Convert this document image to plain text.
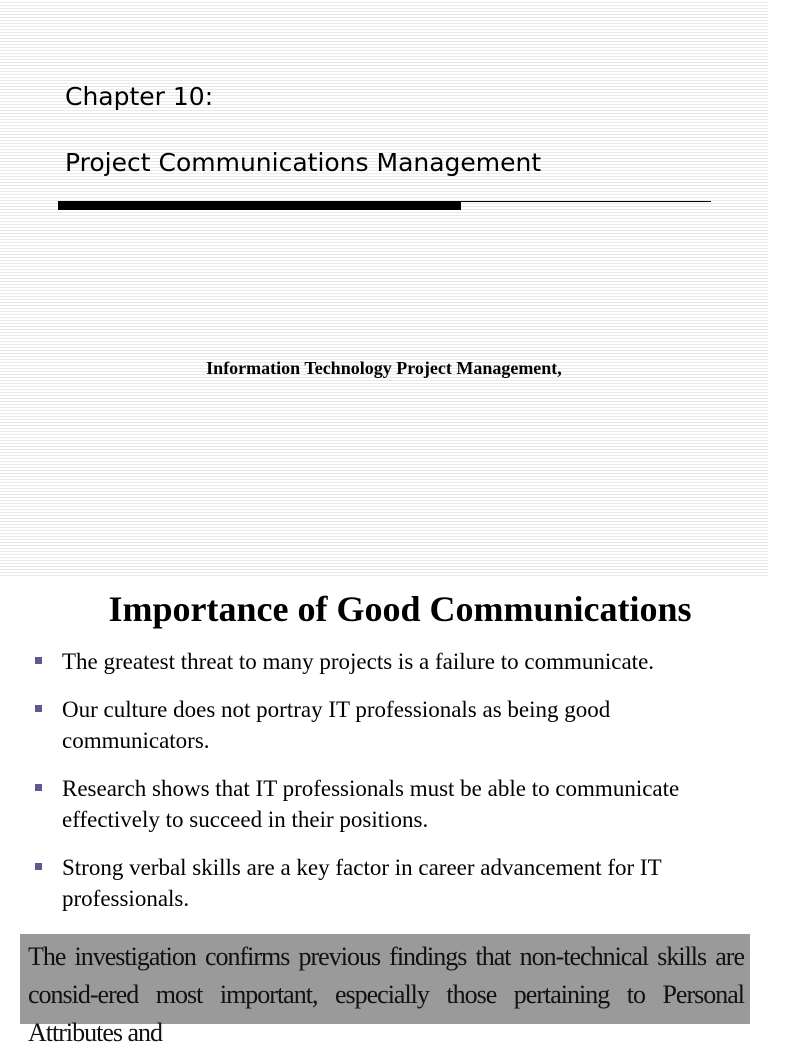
Chapter 10:
Project Communications Management
Information Technology Project Management,
Importance of Good Communications
The greatest threat to many projects is a failure to communicate.
Our culture does not portray IT professionals as being good communicators.
Research shows that IT professionals must be able to communicate effectively to succeed in their positions.
Strong verbal skills are a key factor in career advancement for IT professionals.
The investigation confirms previous findings that non-technical skills are consid-ered most important, especially those pertaining to Personal Attributes and
